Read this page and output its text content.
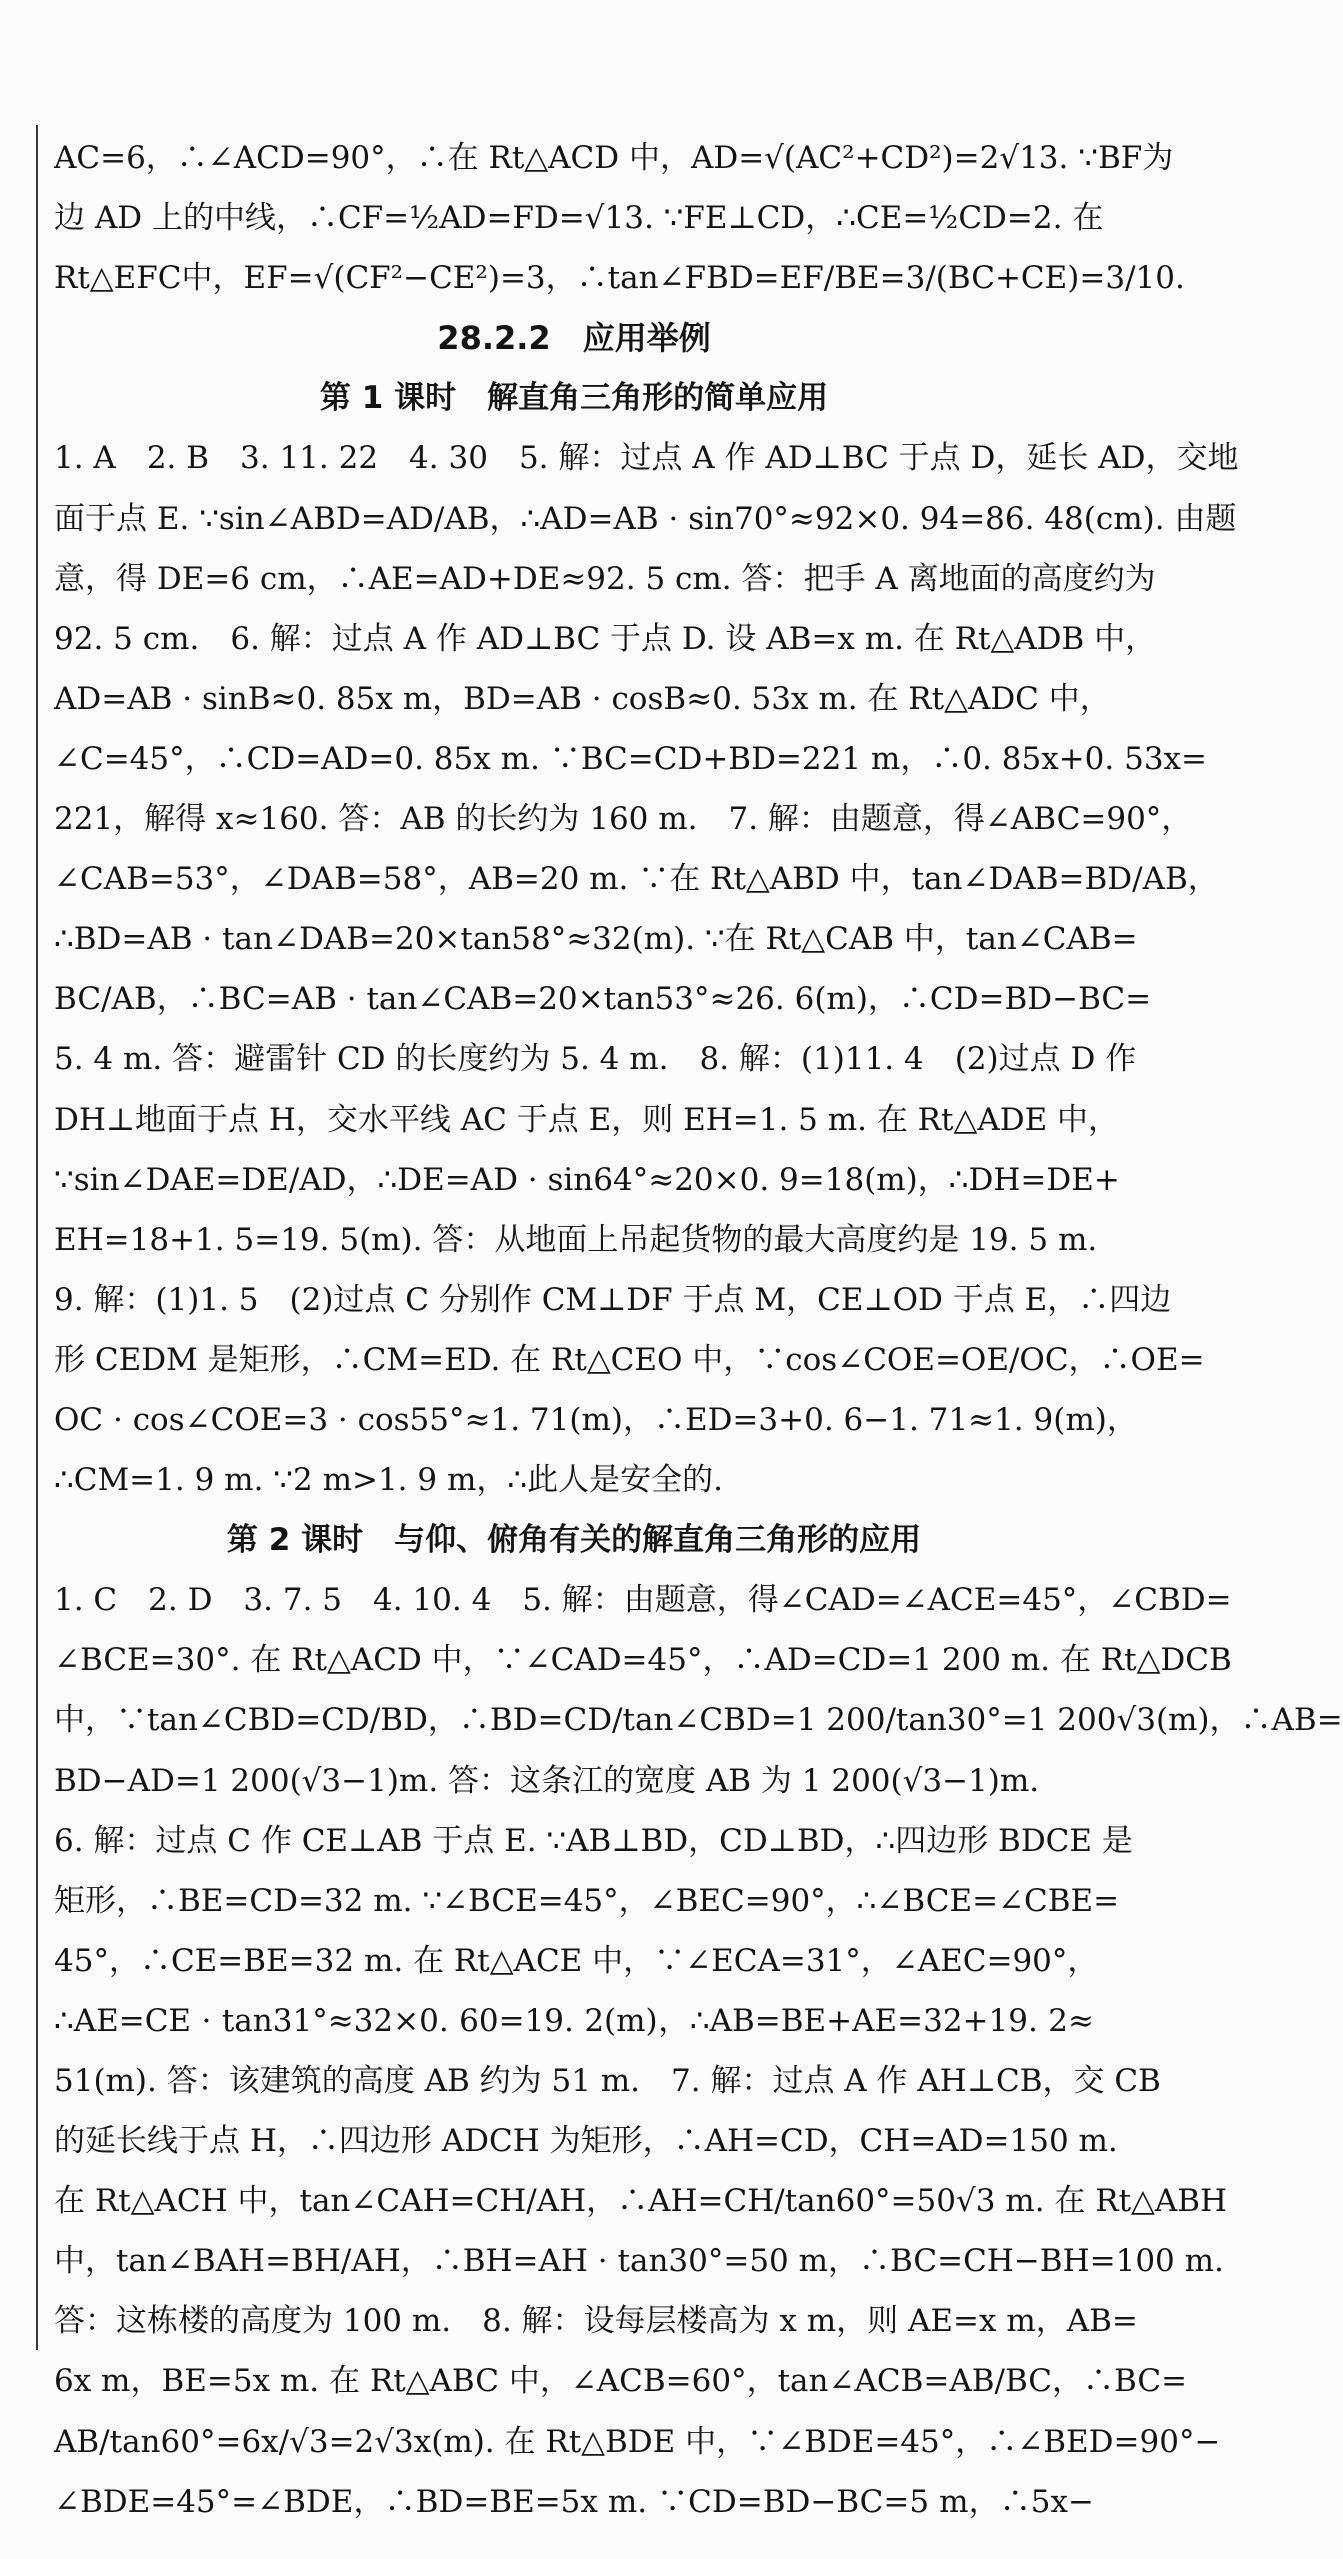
AC=6，∴∠ACD=90°，∴在 Rt△ACD 中，AD=√(AC²+CD²)=2√13. ∵BF为
边 AD 上的中线，∴CF=½AD=FD=√13. ∵FE⊥CD，∴CE=½CD=2. 在
Rt△EFC中，EF=√(CF²−CE²)=3，∴tan∠FBD=EF/BE=3/(BC+CE)=3/10.
28.2.2　 应用举例
第 1 课时　解直角三角形的简单应用
1. A　2. B　3. 11. 22　4. 30　5. 解：过点 A 作 AD⊥BC 于点 D，延长 AD，交地
面于点 E. ∵sin∠ABD=AD/AB，∴AD=AB · sin70°≈92×0. 94=86. 48(cm). 由题
意，得 DE=6 cm，∴AE=AD+DE≈92. 5 cm. 答：把手 A 离地面的高度约为
92. 5 cm.　6. 解：过点 A 作 AD⊥BC 于点 D. 设 AB=x m. 在 Rt△ADB 中，
AD=AB · sinB≈0. 85x m，BD=AB · cosB≈0. 53x m. 在 Rt△ADC 中，
∠C=45°，∴CD=AD=0. 85x m. ∵BC=CD+BD=221 m，∴0. 85x+0. 53x=
221，解得 x≈160. 答：AB 的长约为 160 m.　7. 解：由题意，得∠ABC=90°，
∠CAB=53°，∠DAB=58°，AB=20 m. ∵在 Rt△ABD 中，tan∠DAB=BD/AB，
∴BD=AB · tan∠DAB=20×tan58°≈32(m). ∵在 Rt△CAB 中，tan∠CAB=
BC/AB，∴BC=AB · tan∠CAB=20×tan53°≈26. 6(m)，∴CD=BD−BC=
5. 4 m. 答：避雷针 CD 的长度约为 5. 4 m.　8. 解：(1)11. 4　(2)过点 D 作
DH⊥地面于点 H，交水平线 AC 于点 E，则 EH=1. 5 m. 在 Rt△ADE 中，
∵sin∠DAE=DE/AD，∴DE=AD · sin64°≈20×0. 9=18(m)，∴DH=DE+
EH=18+1. 5=19. 5(m). 答：从地面上吊起货物的最大高度约是 19. 5 m.
9. 解：(1)1. 5　(2)过点 C 分别作 CM⊥DF 于点 M，CE⊥OD 于点 E，∴四边
形 CEDM 是矩形，∴CM=ED. 在 Rt△CEO 中，∵cos∠COE=OE/OC，∴OE=
OC · cos∠COE=3 · cos55°≈1. 71(m)，∴ED=3+0. 6−1. 71≈1. 9(m)，
∴CM=1. 9 m. ∵2 m>1. 9 m，∴此人是安全的.
第 2 课时　与仰、俯角有关的解直角三角形的应用
1. C　2. D　3. 7. 5　4. 10. 4　5. 解：由题意，得∠CAD=∠ACE=45°，∠CBD=
∠BCE=30°. 在 Rt△ACD 中，∵∠CAD=45°，∴AD=CD=1 200 m. 在 Rt△DCB
中，∵tan∠CBD=CD/BD，∴BD=CD/tan∠CBD=1 200/tan30°=1 200√3(m)，∴AB=
BD−AD=1 200(√3−1)m. 答：这条江的宽度 AB 为 1 200(√3−1)m.
6. 解：过点 C 作 CE⊥AB 于点 E. ∵AB⊥BD，CD⊥BD，∴四边形 BDCE 是
矩形，∴BE=CD=32 m. ∵∠BCE=45°，∠BEC=90°，∴∠BCE=∠CBE=
45°，∴CE=BE=32 m. 在 Rt△ACE 中，∵∠ECA=31°，∠AEC=90°，
∴AE=CE · tan31°≈32×0. 60=19. 2(m)，∴AB=BE+AE=32+19. 2≈
51(m). 答：该建筑的高度 AB 约为 51 m.　7. 解：过点 A 作 AH⊥CB，交 CB
的延长线于点 H，∴四边形 ADCH 为矩形，∴AH=CD，CH=AD=150 m.
在 Rt△ACH 中，tan∠CAH=CH/AH，∴AH=CH/tan60°=50√3 m. 在 Rt△ABH
中，tan∠BAH=BH/AH，∴BH=AH · tan30°=50 m，∴BC=CH−BH=100 m.
答：这栋楼的高度为 100 m.　8. 解：设每层楼高为 x m，则 AE=x m，AB=
6x m，BE=5x m. 在 Rt△ABC 中，∠ACB=60°，tan∠ACB=AB/BC，∴BC=
AB/tan60°=6x/√3=2√3x(m). 在 Rt△BDE 中，∵∠BDE=45°，∴∠BED=90°−
∠BDE=45°=∠BDE，∴BD=BE=5x m. ∵CD=BD−BC=5 m，∴5x−
